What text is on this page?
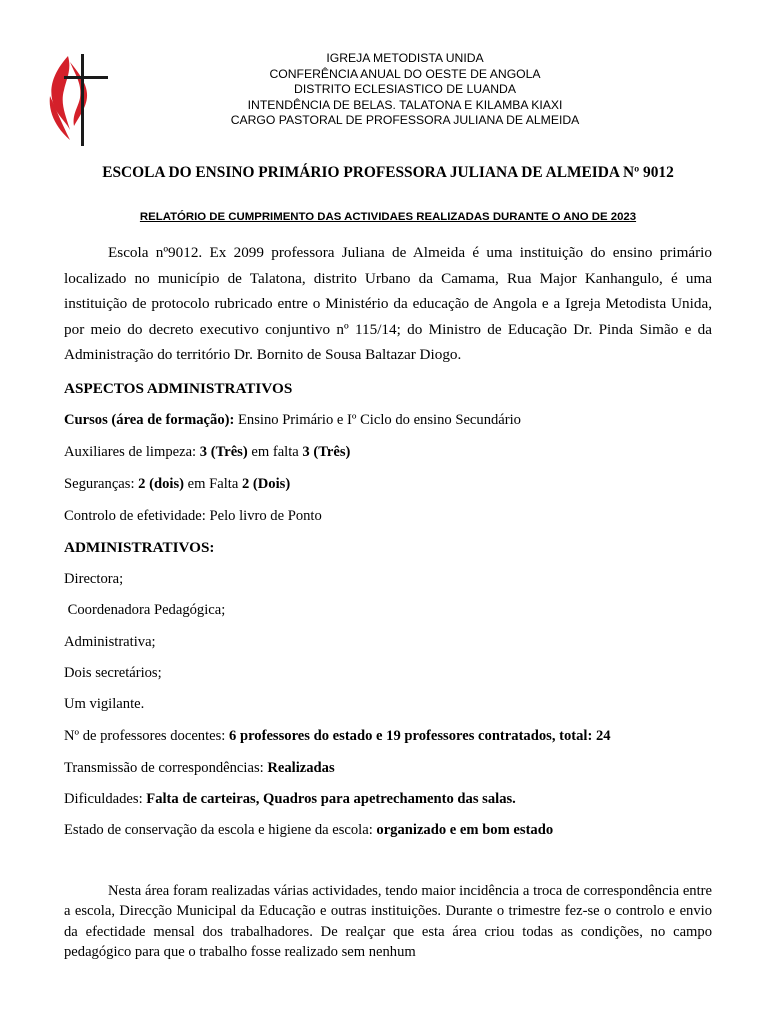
IGREJA METODISTA UNIDA
CONFERÊNCIA ANUAL DO OESTE DE ANGOLA
DISTRITO ECLESIASTICO DE LUANDA
INTENDÊNCIA DE BELAS. TALATONA E KILAMBA KIAXI
CARGO PASTORAL DE PROFESSORA JULIANA DE ALMEIDA
ESCOLA DO ENSINO PRIMÁRIO PROFESSORA JULIANA DE ALMEIDA Nº 9012
RELATÓRIO DE CUMPRIMENTO DAS ACTIVIDAES REALIZADAS DURANTE O ANO DE 2023

Escola nº9012. Ex 2099 professora Juliana de Almeida é uma instituição do ensino primário localizado no município de Talatona, distrito Urbano da Camama, Rua Major Kanhangulo, é uma instituição de protocolo rubricado entre o Ministério da educação de Angola e a Igreja Metodista Unida, por meio do decreto executivo conjuntivo nº 115/14; do Ministro de Educação Dr. Pinda Simão e da Administração do território Dr. Bornito de Sousa Baltazar Diogo.

ASPECTOS ADMINISTRATIVOS
Cursos (área de formação): Ensino Primário e Iº Ciclo do ensino Secundário
Auxiliares de limpeza: 3 (Três) em falta 3 (Três)
Seguranças: 2 (dois) em Falta 2 (Dois)
Controlo de efetividade: Pelo livro de Ponto
ADMINISTRATIVOS:
Directora;
Coordenadora Pedagógica;
Administrativa;
Dois secretários;
Um vigilante.
Nº de professores docentes: 6 professores do estado e 19 professores contratados, total: 24
Transmissão de correspondências: Realizadas
Dificuldades: Falta de carteiras, Quadros para apetrechamento das salas.
Estado de conservação da escola e higiene da escola: organizado e em bom estado

Nesta área foram realizadas várias actividades, tendo maior incidência a troca de correspondência entre a escola, Direcção Municipal da Educação e outras instituições. Durante o trimestre fez-se o controlo e envio da efectidade mensal dos trabalhadores. De realçar que esta área criou todas as condições, no campo pedagógico para que o trabalho fosse realizado sem nenhum
